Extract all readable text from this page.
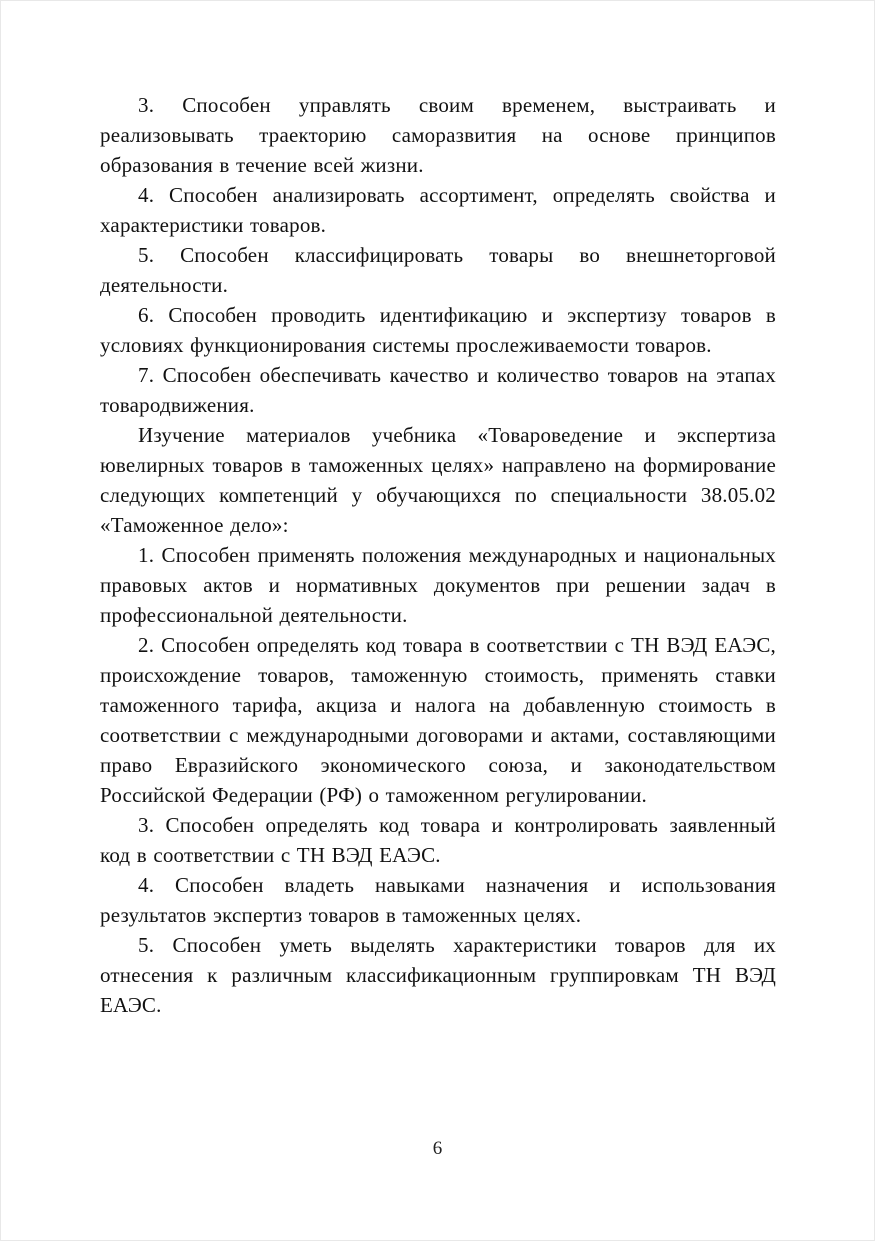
3. Способен управлять своим временем, выстраивать и реализовывать траекторию саморазвития на основе принципов образования в течение всей жизни.

4. Способен анализировать ассортимент, определять свойства и характеристики товаров.

5. Способен классифицировать товары во внешнеторговой деятельности.

6. Способен проводить идентификацию и экспертизу товаров в условиях функционирования системы прослеживаемости товаров.

7. Способен обеспечивать качество и количество товаров на этапах товародвижения.

Изучение материалов учебника «Товароведение и экспертиза ювелирных товаров в таможенных целях» направлено на формирование следующих компетенций у обучающихся по специальности 38.05.02 «Таможенное дело»:

1. Способен применять положения международных и национальных правовых актов и нормативных документов при решении задач в профессиональной деятельности.

2. Способен определять код товара в соответствии с ТН ВЭД ЕАЭС, происхождение товаров, таможенную стоимость, применять ставки таможенного тарифа, акциза и налога на добавленную стоимость в соответствии с международными договорами и актами, составляющими право Евразийского экономического союза, и законодательством Российской Федерации (РФ) о таможенном регулировании.

3. Способен определять код товара и контролировать заявленный код в соответствии с ТН ВЭД ЕАЭС.

4. Способен владеть навыками назначения и использования результатов экспертиз товаров в таможенных целях.

5. Способен уметь выделять характеристики товаров для их отнесения к различным классификационным группировкам ТН ВЭД ЕАЭС.

6
